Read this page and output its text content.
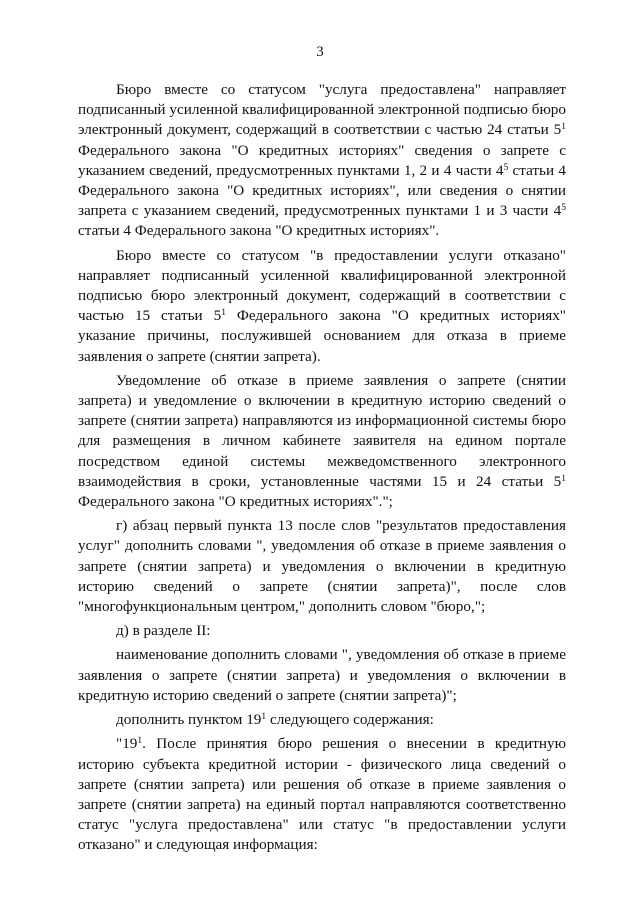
3

Бюро вместе со статусом "услуга предоставлена" направляет подписанный усиленной квалифицированной электронной подписью бюро электронный документ, содержащий в соответствии с частью 24 статьи $5^1$ Федерального закона "О кредитных историях" сведения о запрете с указанием сведений, предусмотренных пунктами 1, 2 и 4 части $4^5$ статьи 4 Федерального закона "О кредитных историях", или сведения о снятии запрета с указанием сведений, предусмотренных пунктами 1 и 3 части $4^5$ статьи 4 Федерального закона "О кредитных историях".

Бюро вместе со статусом "в предоставлении услуги отказано" направляет подписанный усиленной квалифицированной электронной подписью бюро электронный документ, содержащий в соответствии с частью 15 статьи $5^1$ Федерального закона "О кредитных историях" указание причины, послужившей основанием для отказа в приеме заявления о запрете (снятии запрета).

Уведомление об отказе в приеме заявления о запрете (снятии запрета) и уведомление о включении в кредитную историю сведений о запрете (снятии запрета) направляются из информационной системы бюро для размещения в личном кабинете заявителя на едином портале посредством единой системы межведомственного электронного взаимодействия в сроки, установленные частями 15 и 24 статьи $5^1$ Федерального закона "О кредитных историях".";

г) абзац первый пункта 13 после слов "результатов предоставления услуг" дополнить словами ", уведомления об отказе в приеме заявления о запрете (снятии запрета) и уведомления о включении в кредитную историю сведений о запрете (снятии запрета)", после слов "многофункциональным центром," дополнить словом "бюро,";

д) в разделе II:

наименование дополнить словами ", уведомления об отказе в приеме заявления о запрете (снятии запрета) и уведомления о включении в кредитную историю сведений о запрете (снятии запрета)";

дополнить пунктом $19^1$ следующего содержания:

"$19^1$. После принятия бюро решения о внесении в кредитную историю субъекта кредитной истории - физического лица сведений о запрете (снятии запрета) или решения об отказе в приеме заявления о запрете (снятии запрета) на единый портал направляются соответственно статус "услуга предоставлена" или статус "в предоставлении услуги отказано" и следующая информация:
